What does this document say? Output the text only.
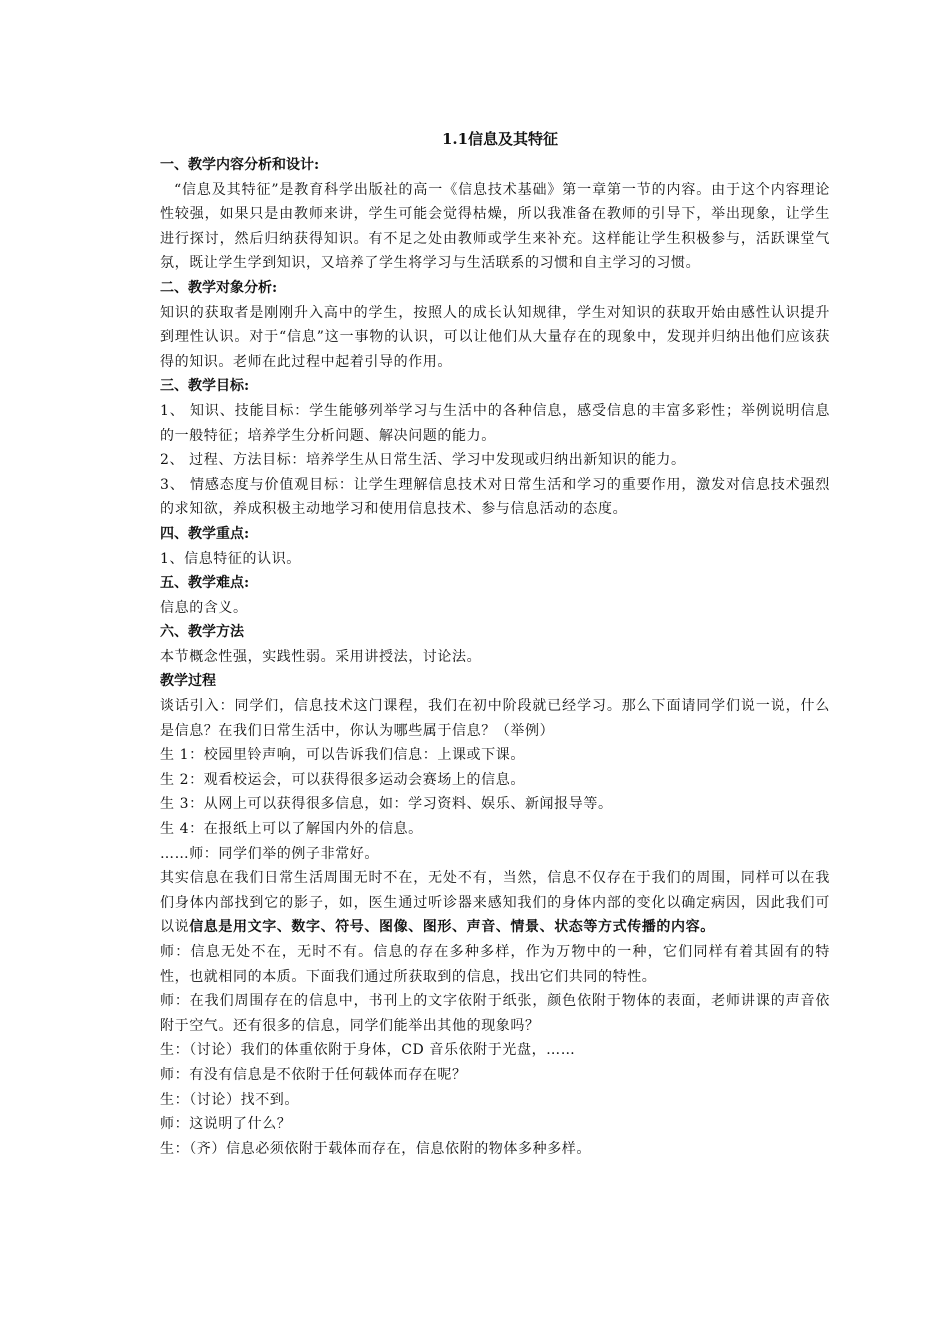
1.1信息及其特征
一、教学内容分析和设计:
“信息及其特征”是教育科学出版社的高一《信息技术基础》第一章第一节的内容。由于这个内容理论性较强，如果只是由教师来讲，学生可能会觉得枯燥，所以我准备在教师的引导下，举出现象，让学生进行探讨，然后归纳获得知识。有不足之处由教师或学生来补充。这样能让学生积极参与，活跃课堂气氛，既让学生学到知识，又培养了学生将学习与生活联系的习惯和自主学习的习惯。
二、教学对象分析:
知识的获取者是刚刚升入高中的学生，按照人的成长认知规律，学生对知识的获取开始由感性认识提升到理性认识。对于“信息”这一事物的认识，可以让他们从大量存在的现象中，发现并归纳出他们应该获得的知识。老师在此过程中起着引导的作用。
三、教学目标:
1、 知识、技能目标：学生能够列举学习与生活中的各种信息，感受信息的丰富多彩性；举例说明信息的一般特征；培养学生分析问题、解决问题的能力。
2、 过程、方法目标：培养学生从日常生活、学习中发现或归纳出新知识的能力。
3、 情感态度与价值观目标：让学生理解信息技术对日常生活和学习的重要作用，激发对信息技术强烈的求知欲，养成积极主动地学习和使用信息技术、参与信息活动的态度。
四、教学重点:
1、信息特征的认识。
五、教学难点:
信息的含义。
六、教学方法
本节概念性强，实践性弱。采用讲授法，讨论法。
教学过程
谈话引入：同学们，信息技术这门课程，我们在初中阶段就已经学习。那么下面请同学们说一说，什么是信息？在我们日常生活中，你认为哪些属于信息？（举例）
生 1：校园里铃声响，可以告诉我们信息：上课或下课。
生 2：观看校运会，可以获得很多运动会赛场上的信息。
生 3：从网上可以获得很多信息，如：学习资料、娱乐、新闻报导等。
生 4：在报纸上可以了解国内外的信息。
……师：同学们举的例子非常好。
其实信息在我们日常生活周围无时不在，无处不有，当然，信息不仅存在于我们的周围，同样可以在我们身体内部找到它的影子，如，医生通过听诊器来感知我们的身体内部的变化以确定病因，因此我们可以说信息是用文字、数字、符号、图像、图形、声音、情景、状态等方式传播的内容。
师：信息无处不在，无时不有。信息的存在多种多样，作为万物中的一种，它们同样有着其固有的特性，也就相同的本质。下面我们通过所获取到的信息，找出它们共同的特性。
师：在我们周围存在的信息中，书刊上的文字依附于纸张，颜色依附于物体的表面，老师讲课的声音依附于空气。还有很多的信息，同学们能举出其他的现象吗？
生：（讨论）我们的体重依附于身体，CD 音乐依附于光盘，……
师：有没有信息是不依附于任何载体而存在呢？
生：（讨论）找不到。
师：这说明了什么？
生：（齐）信息必须依附于载体而存在，信息依附的物体多种多样。
